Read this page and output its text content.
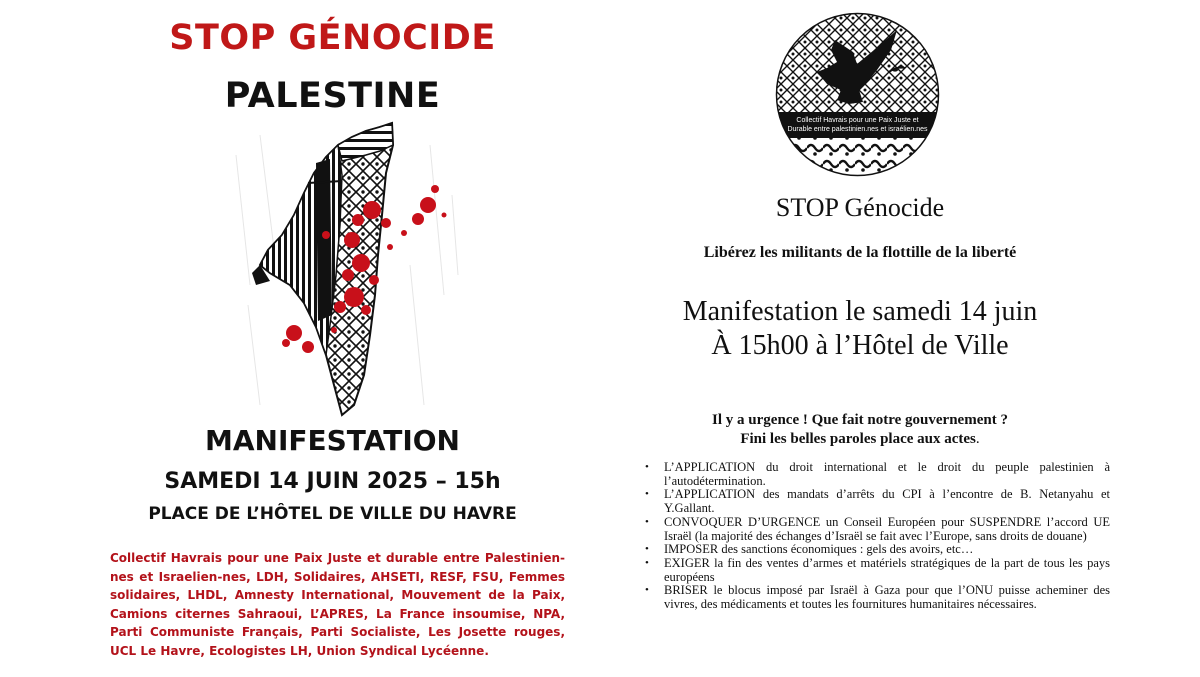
STOP GÉNOCIDE
PALESTINE
MANIFESTATION
SAMEDI 14 JUIN 2025 – 15h
PLACE DE L’HÔTEL DE VILLE DU HAVRE
Collectif Havrais pour une Paix Juste et durable entre Palestinien-nes et Israelien-nes, LDH, Solidaires, AHSETI, RESF, FSU, Femmes solidaires, LHDL, Amnesty International, Mouvement de la Paix, Camions citernes Sahraoui, L’APRES, La France insoumise, NPA, Parti Communiste Français, Parti Socialiste, Les Josette rouges, UCL Le Havre, Ecologistes LH, Union Syndical Lycéenne.
Collectif Havrais pour une Paix Juste et
Durable entre palestinien.nes et israélien.nes
STOP Génocide
Libérez les militants de la flottille de la liberté
Manifestation le samedi 14 juin
À 15h00 à l’Hôtel de Ville
Il y a urgence ! Que fait notre gouvernement ?
Fini les belles paroles place aux actes.
• L’APPLICATION du droit international et le droit du peuple palestinien à l’autodétermination.
• L’APPLICATION des mandats d’arrêts du CPI à l’encontre de B. Netanyahu et Y.Gallant.
• CONVOQUER D’URGENCE un Conseil Européen pour SUSPENDRE l’accord UE Israël (la majorité des échanges d’Israël se fait avec l’Europe, sans droits de douane)
• IMPOSER des sanctions économiques : gels des avoirs, etc…
• EXIGER la fin des ventes d’armes et matériels stratégiques de la part de tous les pays européens
• BRISER le blocus imposé par Israël à Gaza pour que l’ONU puisse acheminer des vivres, des médicaments et toutes les fournitures humanitaires nécessaires.
